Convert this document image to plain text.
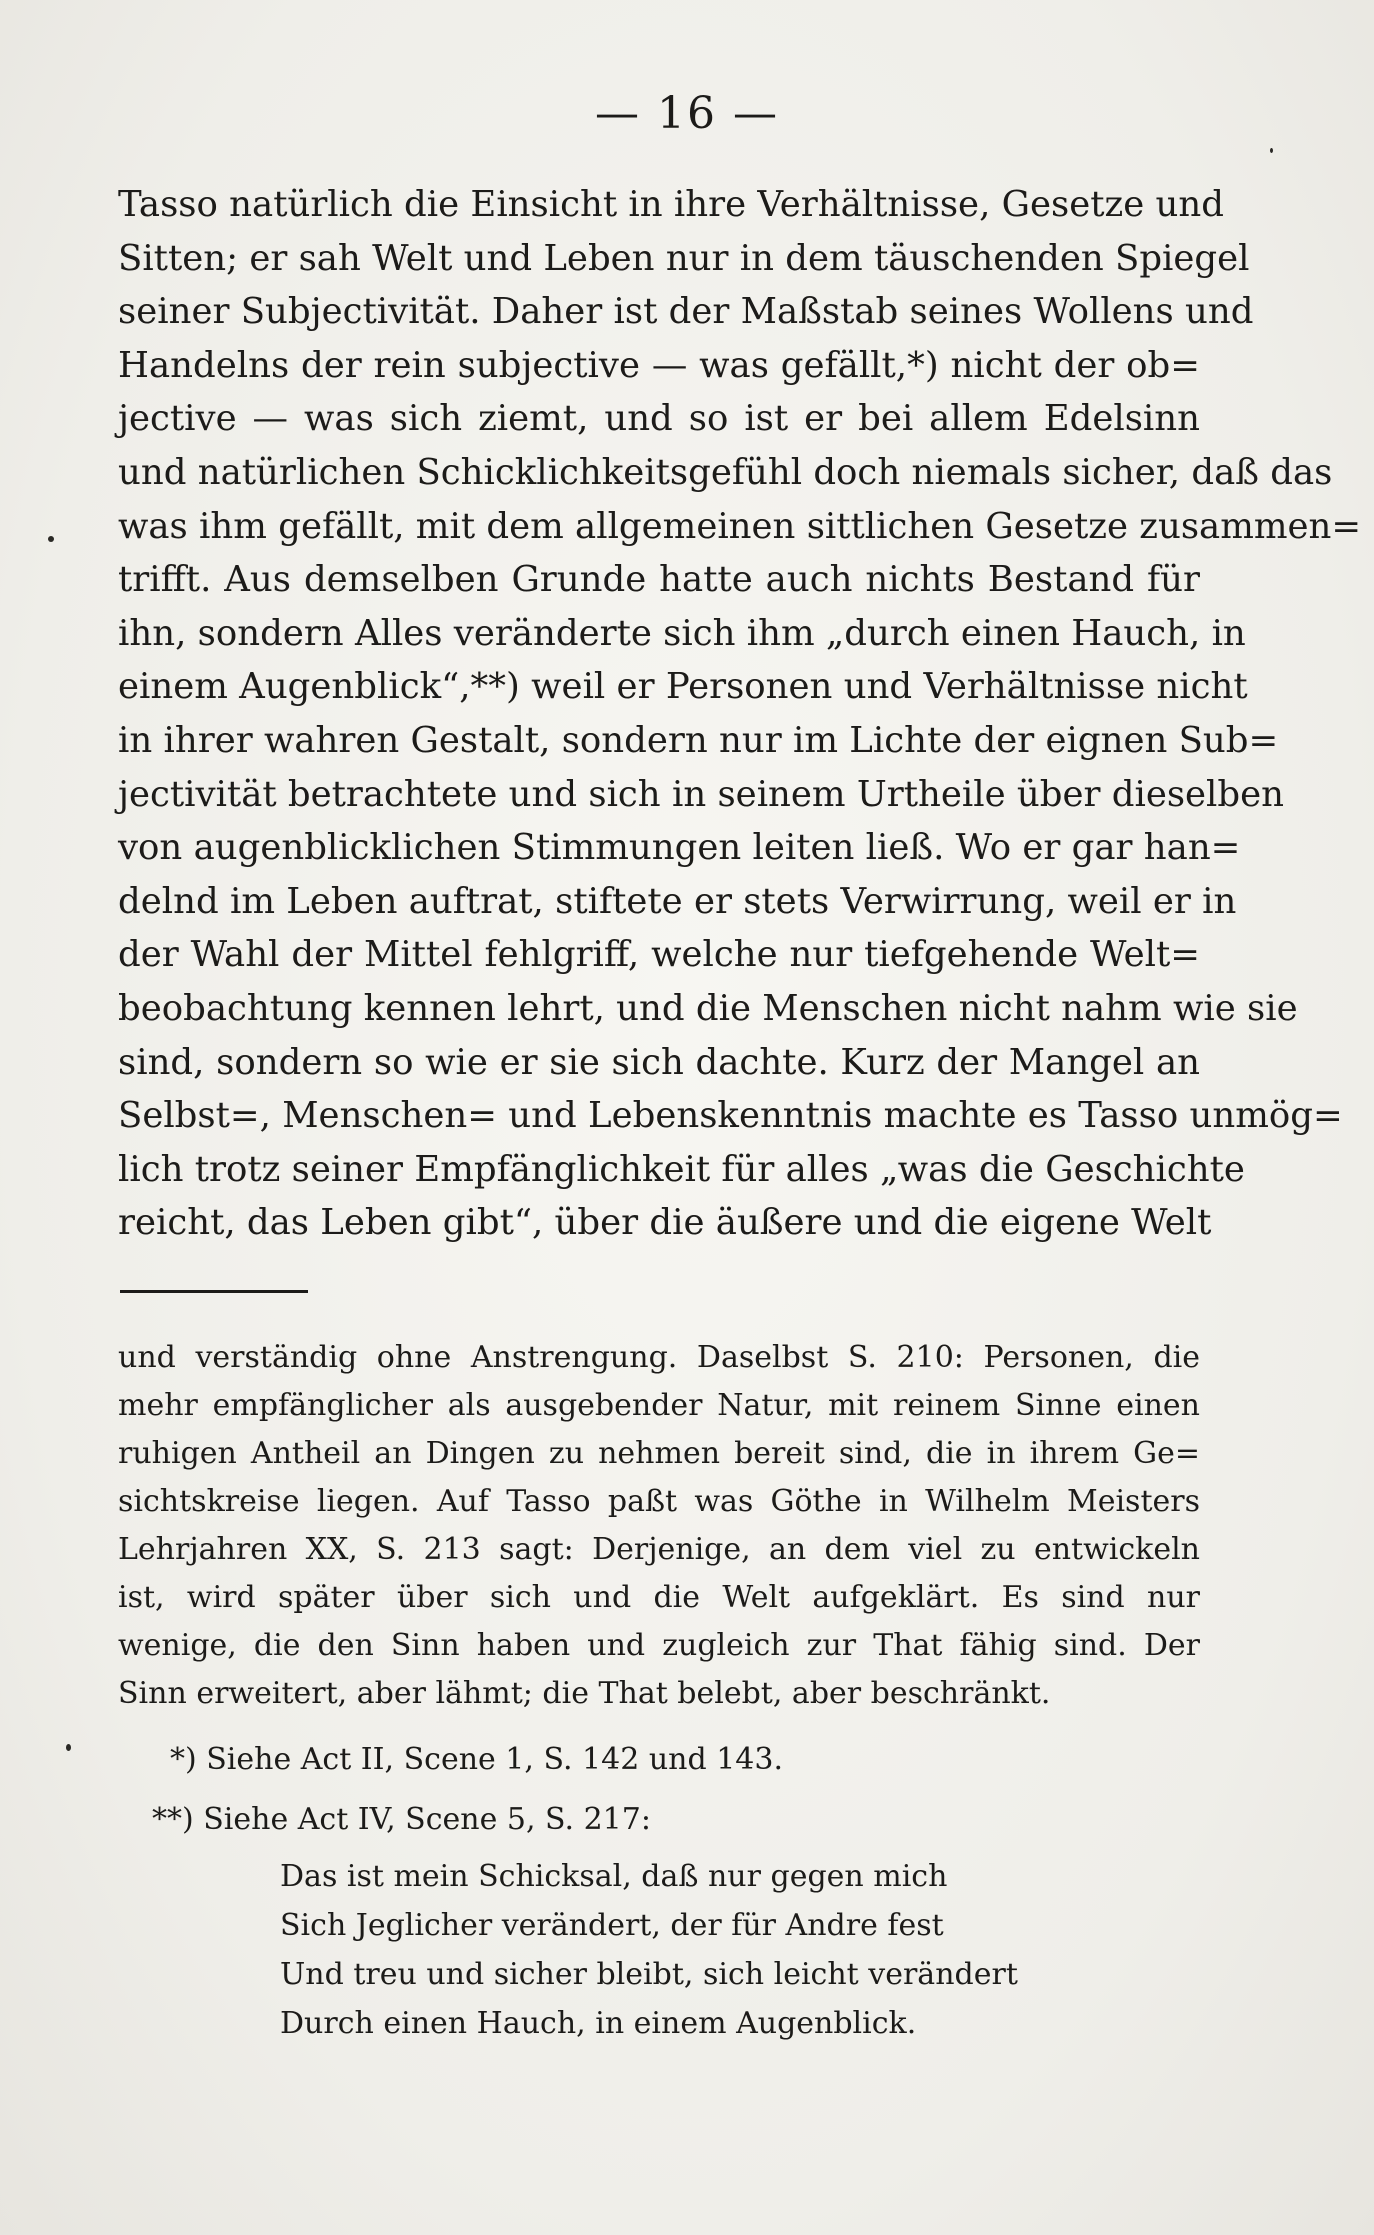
— 16 —
Tasso natürlich die Einsicht in ihre Verhältnisse, Gesetze und
Sitten; er sah Welt und Leben nur in dem täuschenden Spiegel
seiner Subjectivität. Daher ist der Maßstab seines Wollens und
Handelns der rein subjective — was gefällt,*) nicht der ob=
jective — was sich ziemt, und so ist er bei allem Edelsinn
und natürlichen Schicklichkeitsgefühl doch niemals sicher, daß das
was ihm gefällt, mit dem allgemeinen sittlichen Gesetze zusammen=
trifft. Aus demselben Grunde hatte auch nichts Bestand für
ihn, sondern Alles veränderte sich ihm „durch einen Hauch, in
einem Augenblick“,**) weil er Personen und Verhältnisse nicht
in ihrer wahren Gestalt, sondern nur im Lichte der eignen Sub=
jectivität betrachtete und sich in seinem Urtheile über dieselben
von augenblicklichen Stimmungen leiten ließ. Wo er gar han=
delnd im Leben auftrat, stiftete er stets Verwirrung, weil er in
der Wahl der Mittel fehlgriff, welche nur tiefgehende Welt=
beobachtung kennen lehrt, und die Menschen nicht nahm wie sie
sind, sondern so wie er sie sich dachte. Kurz der Mangel an
Selbst=, Menschen= und Lebenskenntnis machte es Tasso unmög=
lich trotz seiner Empfänglichkeit für alles „was die Geschichte
reicht, das Leben gibt“, über die äußere und die eigene Welt
und verständig ohne Anstrengung. Daselbst S. 210: Personen, die
mehr empfänglicher als ausgebender Natur, mit reinem Sinne einen
ruhigen Antheil an Dingen zu nehmen bereit sind, die in ihrem Ge=
sichtskreise liegen. Auf Tasso paßt was Göthe in Wilhelm Meisters
Lehrjahren XX, S. 213 sagt: Derjenige, an dem viel zu entwickeln
ist, wird später über sich und die Welt aufgeklärt. Es sind nur
wenige, die den Sinn haben und zugleich zur That fähig sind. Der
Sinn erweitert, aber lähmt; die That belebt, aber beschränkt.
*) Siehe Act II, Scene 1, S. 142 und 143.
**) Siehe Act IV, Scene 5, S. 217:
Das ist mein Schicksal, daß nur gegen mich
Sich Jeglicher verändert, der für Andre fest
Und treu und sicher bleibt, sich leicht verändert
Durch einen Hauch, in einem Augenblick.
